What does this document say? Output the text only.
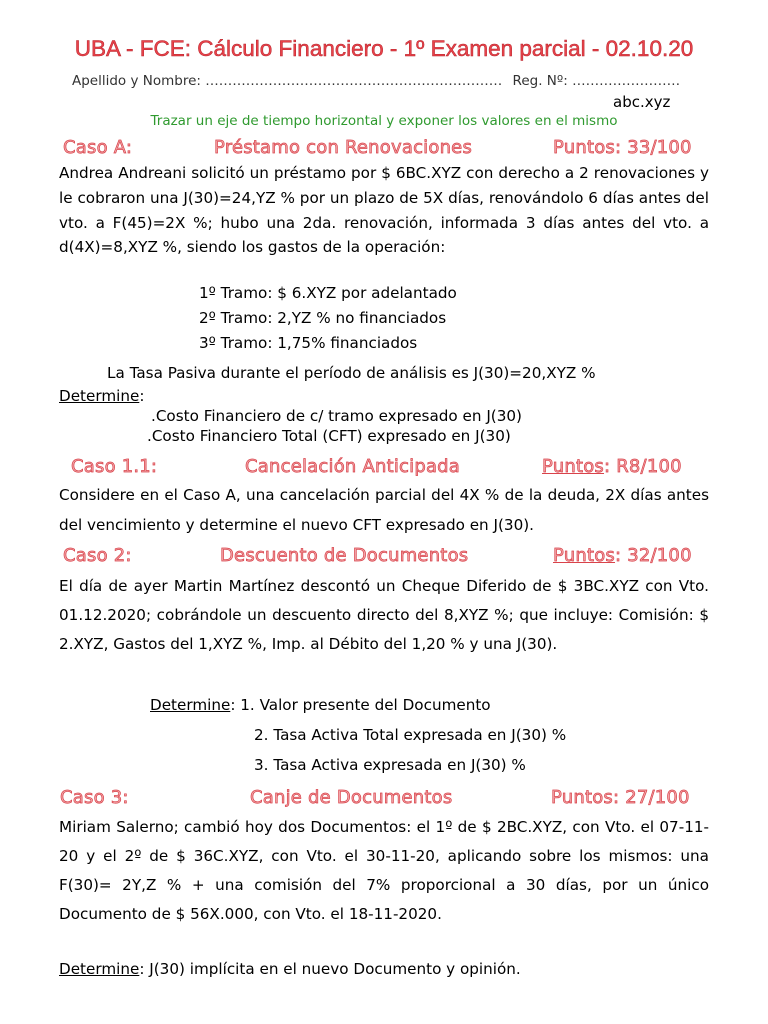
UBA - FCE: Cálculo Financiero - 1º Examen parcial - 02.10.20
Apellido y Nombre: ………………………………………………………… Reg. Nº: ……………………
abc.xyz
Trazar un eje de tiempo horizontal y exponer los valores en el mismo
Caso A:	Préstamo con Renovaciones	Puntos: 33/100
Andrea Andreani solicitó un préstamo por $ 6BC.XYZ con derecho a 2 renovaciones y le cobraron una J(30)=24,YZ % por un plazo de 5X días, renovándolo 6 días antes del vto. a F(45)=2X %; hubo una 2da. renovación, informada 3 días antes del vto. a d(4X)=8,XYZ %, siendo los gastos de la operación:
1º Tramo: $ 6.XYZ por adelantado
2º Tramo: 2,YZ % no financiados
3º Tramo: 1,75% financiados
La Tasa Pasiva durante el período de análisis es J(30)=20,XYZ %
Determine:
.Costo Financiero de c/ tramo expresado en J(30)
.Costo Financiero Total (CFT) expresado en J(30)
Caso 1.1:	Cancelación Anticipada	Puntos: R8/100
Considere en el Caso A, una cancelación parcial del 4X % de la deuda, 2X días antes del vencimiento y determine el nuevo CFT expresado en J(30).
Caso 2:	Descuento de Documentos	Puntos: 32/100
El día de ayer Martin Martínez descontó un Cheque Diferido de $ 3BC.XYZ con Vto. 01.12.2020; cobrándole un descuento directo del 8,XYZ %; que incluye: Comisión: $ 2.XYZ, Gastos del 1,XYZ %, Imp. al Débito del 1,20 % y una J(30).
Determine: 1. Valor presente del Documento
2. Tasa Activa Total expresada en J(30) %
3. Tasa Activa expresada en J(30) %
Caso 3:	Canje de Documentos	Puntos: 27/100
Miriam Salerno; cambió hoy dos Documentos: el 1º de $ 2BC.XYZ, con Vto. el 07-11-20 y el 2º de $ 36C.XYZ, con Vto. el 30-11-20, aplicando sobre los mismos: una F(30)= 2Y,Z % + una comisión del 7% proporcional a 30 días, por un único Documento de $ 56X.000, con Vto. el 18-11-2020.
Determine: J(30) implícita en el nuevo Documento y opinión.
